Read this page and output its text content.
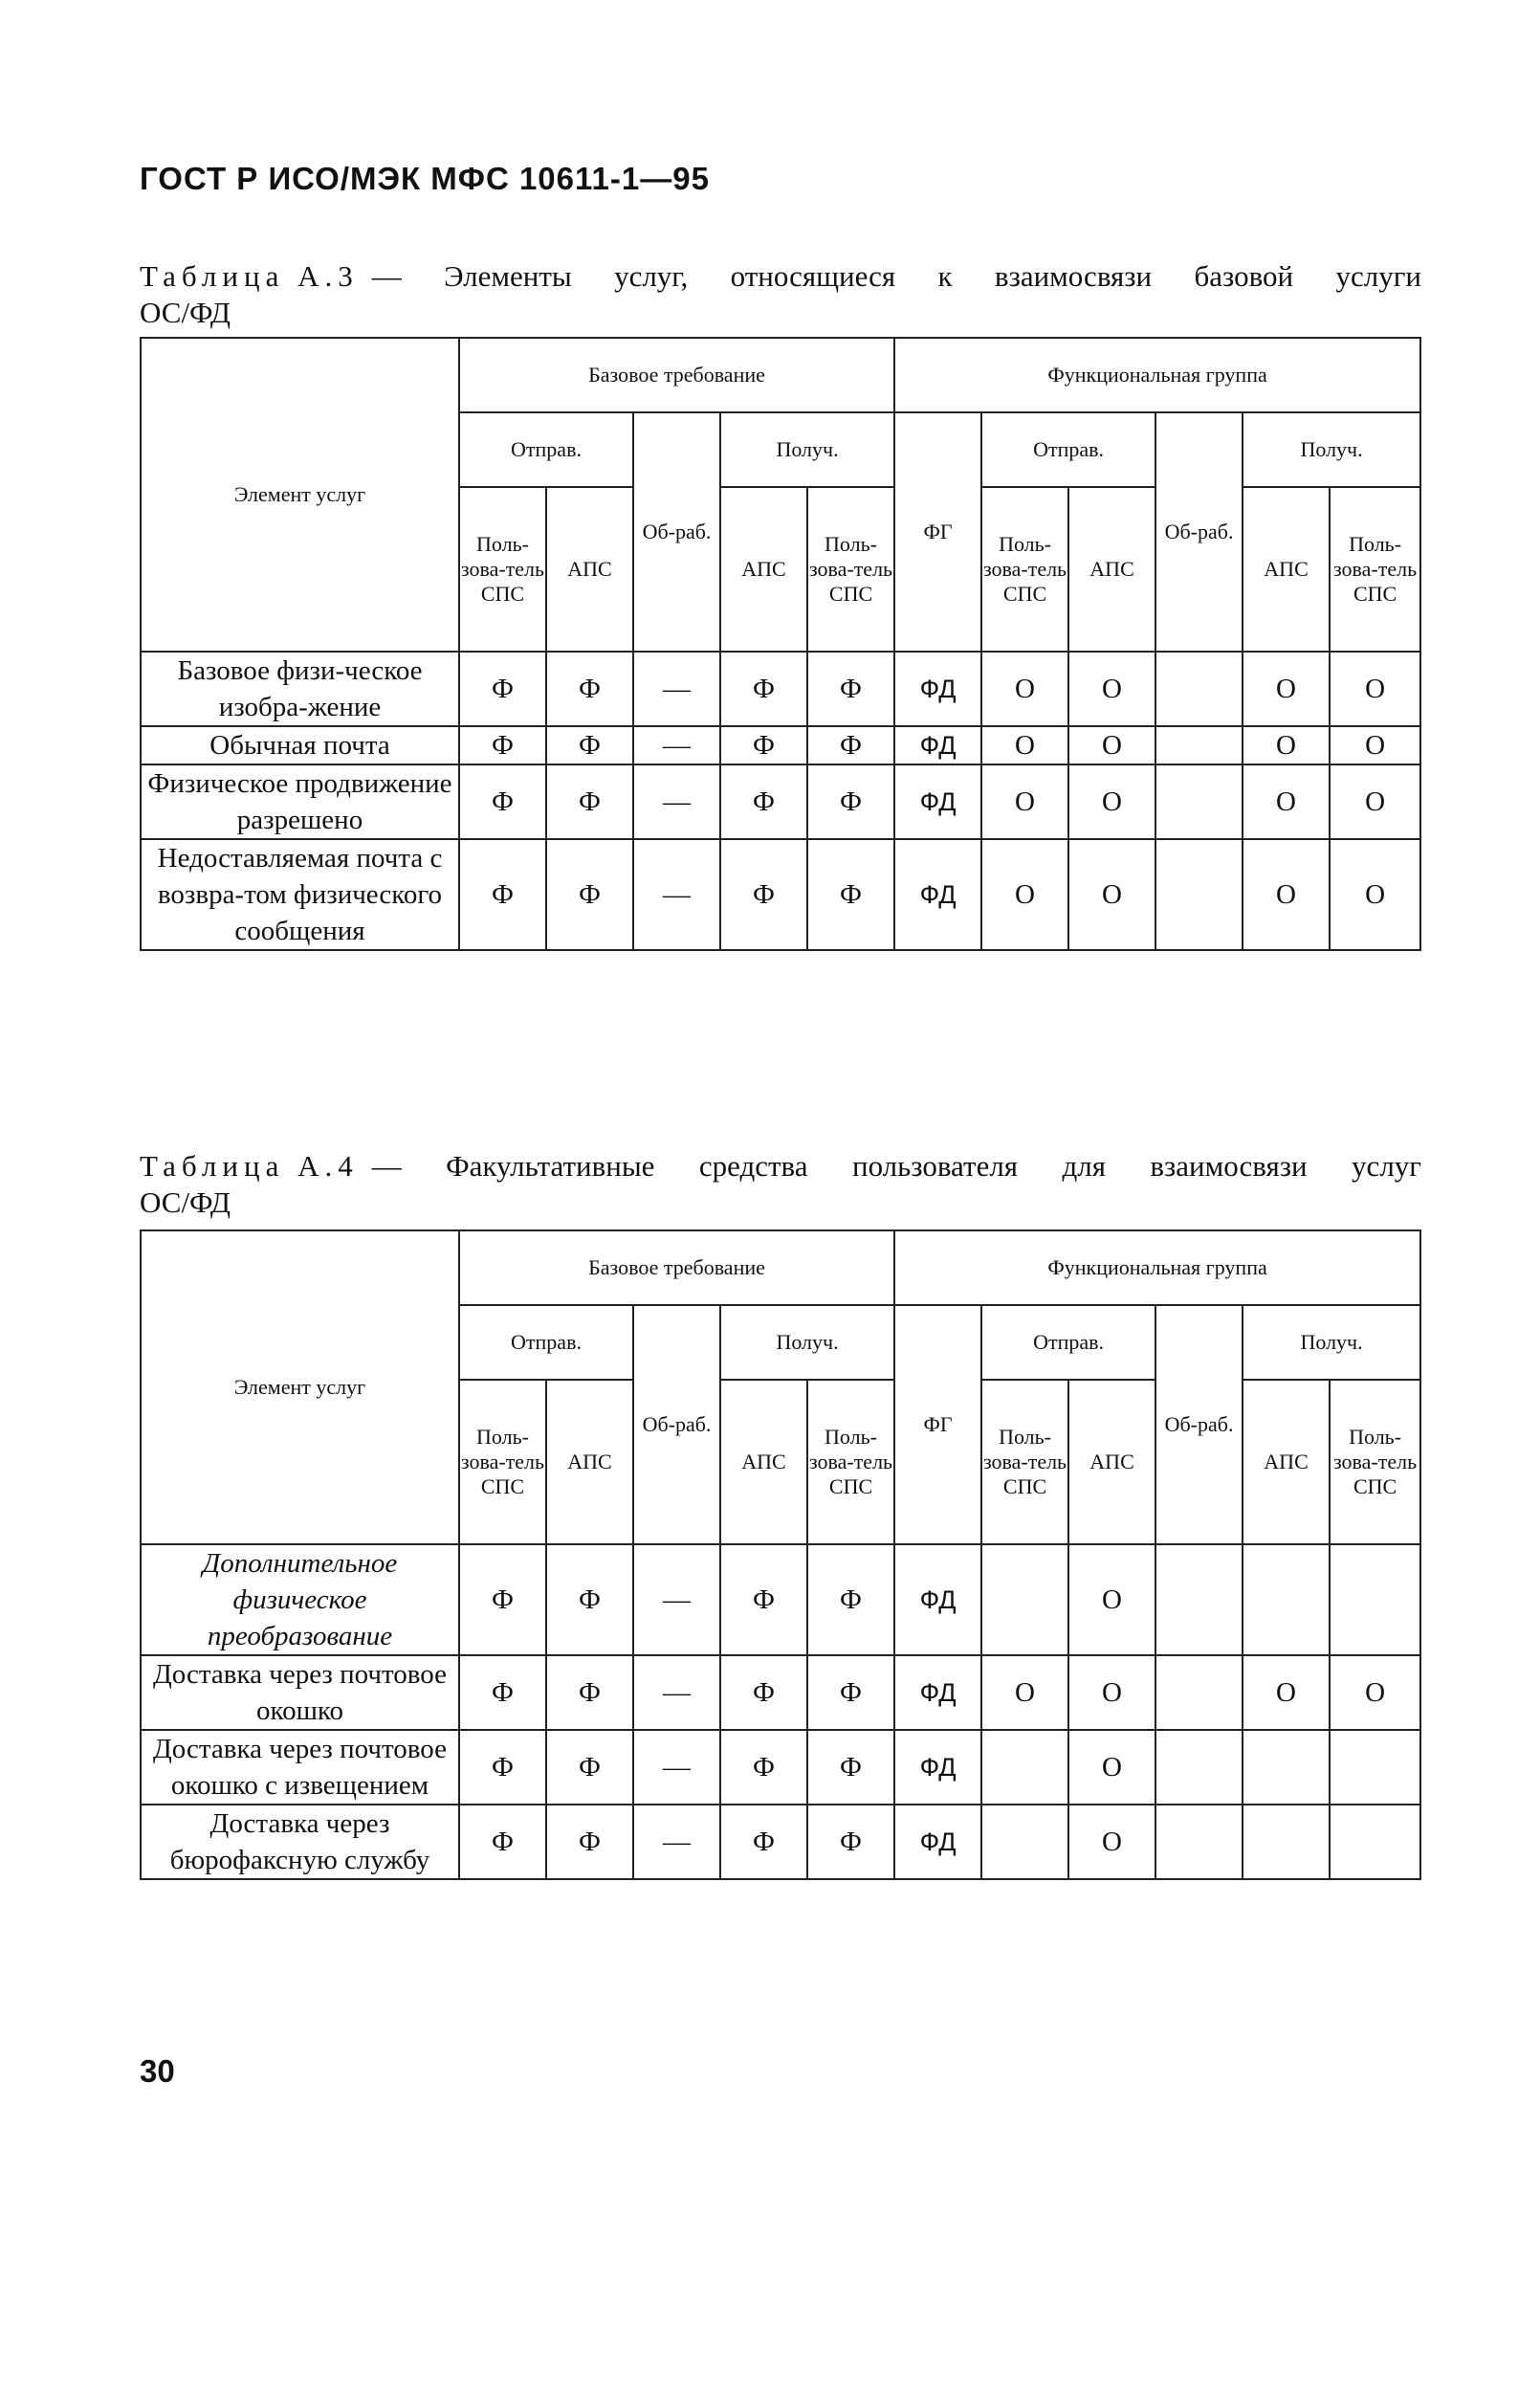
ГОСТ Р ИСО/МЭК МФС 10611-1—95
Таблица А.3 — Элементы услуг, относящиеся к взаимосвязи базовой услуги
ОС/ФД
Элемент услуг	Базовое требование					Функциональная группа					
	Отправ.		Об-раб.	Получ.		ФГ	Отправ.		Об-раб.	Получ.	
	Поль-зова-тель СПС	АПС		АПС	Поль-зова-тель СПС		Поль-зова-тель СПС	АПС		АПС	Поль-зова-тель СПС
Базовое физи-ческое изобра-жение	Ф	Ф	—	Ф	Ф	ФД	О	О		О	О
Обычная почта	Ф	Ф	—	Ф	Ф	ФД	О	О		О	О
Физическое продвижение разрешено	Ф	Ф	—	Ф	Ф	ФД	О	О		О	О
Недоставляемая почта с возвра-том физического сообщения	Ф	Ф	—	Ф	Ф	ФД	О	О		О	О
Таблица А.4 — Факультативные средства пользователя для взаимосвязи услуг
ОС/ФД
Элемент услуг	Базовое требование					Функциональная группа					
	Отправ.		Об-раб.	Получ.		ФГ	Отправ.		Об-раб.	Получ.	
	Поль-зова-тель СПС	АПС		АПС	Поль-зова-тель СПС		Поль-зова-тель СПС	АПС		АПС	Поль-зова-тель СПС
Дополнительное физическое преобразование	Ф	Ф	—	Ф	Ф	ФД		О			
Доставка через почтовое окошко	Ф	Ф	—	Ф	Ф	ФД	О	О		О	О
Доставка через почтовое окошко с извещением	Ф	Ф	—	Ф	Ф	ФД		О			
Доставка через бюрофаксную службу	Ф	Ф	—	Ф	Ф	ФД		О			
30
